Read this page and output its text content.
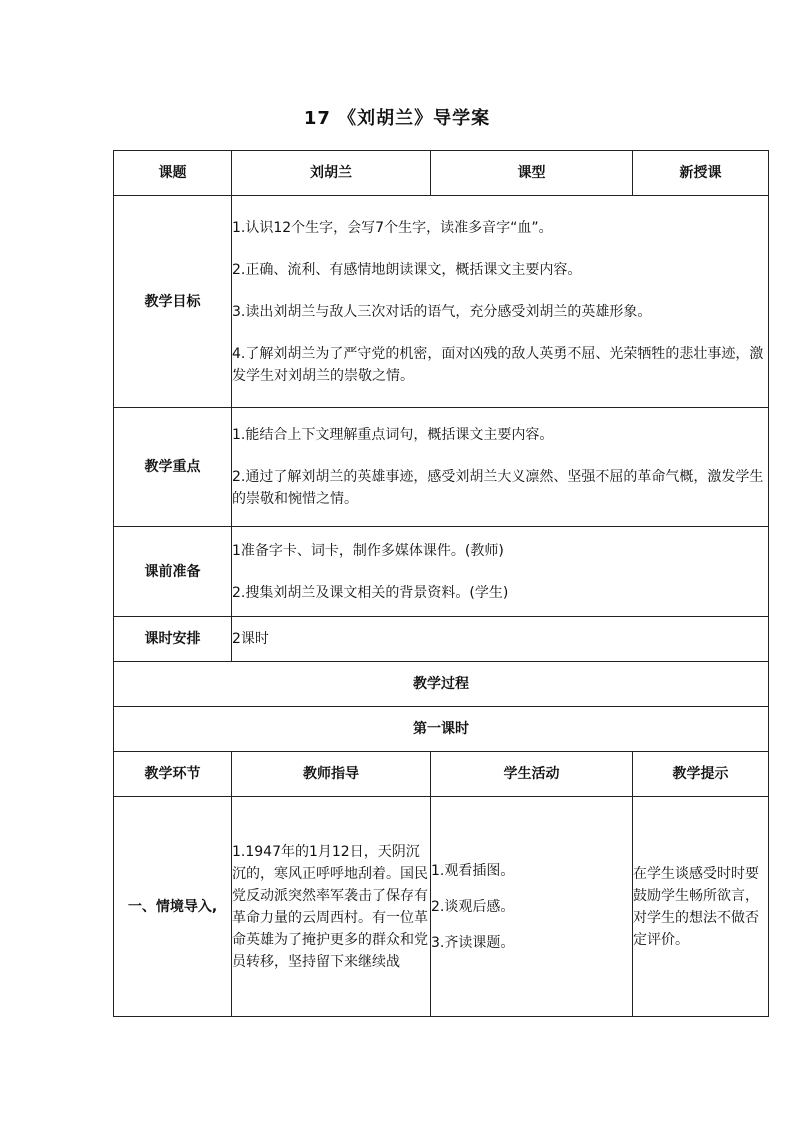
17 《刘胡兰》导学案
课题	刘胡兰	课型	新授课
教学目标	1.认识12个生字，会写7个生字，读准多音字“血”。

2.正确、流利、有感情地朗读课文，概括课文主要内容。

3.读出刘胡兰与敌人三次对话的语气，充分感受刘胡兰的英雄形象。

4.了解刘胡兰为了严守党的机密，面对凶残的敌人英勇不屈、光荣牺牲的悲壮事迹，激发学生对刘胡兰的崇敬之情。		

教学重点	1.能结合上下文理解重点词句，概括课文主要内容。

2.通过了解刘胡兰的英雄事迹，感受刘胡兰大义凛然、坚强不屈的革命气概，激发学生的崇敬和惋惜之情。		

课前准备	1准备字卡、词卡，制作多媒体课件。(教师)

2.搜集刘胡兰及课文相关的背景资料。(学生)		

课时安排	2课时		
教学过程			
第一课时			
教学环节	教师指导	学生活动	教学提示
一、情境导入,	1.1947年的1月12日，天阴沉沉的，寒风正呼呼地刮着。国民党反动派突然率军袭击了保存有革命力量的云周西村。有一位革命英雄为了掩护更多的群众和党员转移，坚持留下来继续战	1.观看插图。

2.谈观后感。

3.齐读课题。	在学生谈感受时时要鼓励学生畅所欲言，对学生的想法不做否定评价。
